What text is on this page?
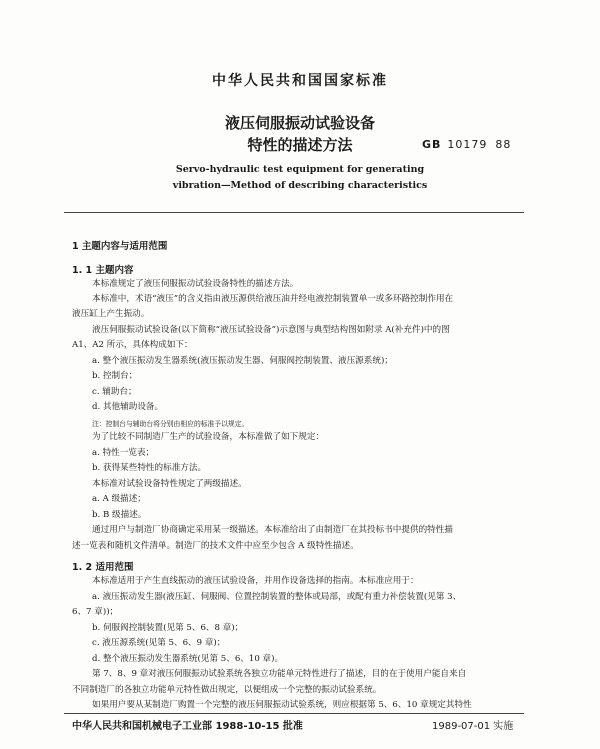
中华人民共和国国家标准
液压伺服振动试验设备
特性的描述方法	GB 10179 88
Servo-hydraulic test equipment for generating
vibration—Method of describing characteristics
1 主题内容与适用范围
1. 1 主题内容
本标准规定了液压伺服振动试验设备特性的描述方法。
本标准中，术语“液压”的含义指由液压源供给液压油并经电液控制装置单一或多环路控制作用在
液压缸上产生振动。
液压伺服振动试验设备(以下简称“液压试验设备”)示意图与典型结构图如附录 A(补充件)中的图
A1、A2 所示，具体构成如下：
a. 整个液压振动发生器系统(液压振动发生器、伺服阀控制装置、液压源系统)；
b. 控制台；
c. 辅助台；
d. 其他辅助设备。
注：控制台与辅助台将分别由相应的标准予以规定。
为了比较不同制造厂生产的试验设备，本标准做了如下规定：
a. 特性一览表；
b. 获得某些特性的标准方法。
本标准对试验设备特性规定了两级描述。
a. A 级描述；
b. B 级描述。
通过用户与制造厂协商确定采用某一级描述。本标准给出了由制造厂在其投标书中提供的特性描
述一览表和随机文件清单。制造厂的技术文件中应至少包含 A 级特性描述。
1. 2 适用范围
本标准适用于产生直线振动的液压试验设备，并用作设备选择的指南。本标准应用于：
a. 液压振动发生器(液压缸、伺服阀、位置控制装置的整体或局部，或配有重力补偿装置(见第 3、
6、7 章))；
b. 伺服阀控制装置(见第 5、6、8 章)；
c. 液压源系统(见第 5、6、9 章)；
d. 整个液压振动发生器系统(见第 5、6、10 章)。
第 7、8、9 章对液压伺服振动试验系统各独立功能单元特性进行了描述，目的在于使用户能自来自
不同制造厂的各独立功能单元特性做出规定，以便组成一个完整的振动试验系统。
如果用户要从某制造厂购置一个完整的液压伺服振动试验系统，则应根据第 5、6、10 章规定其特性
中华人民共和国机械电子工业部 1988-10-15 批准	1989-07-01 实施
